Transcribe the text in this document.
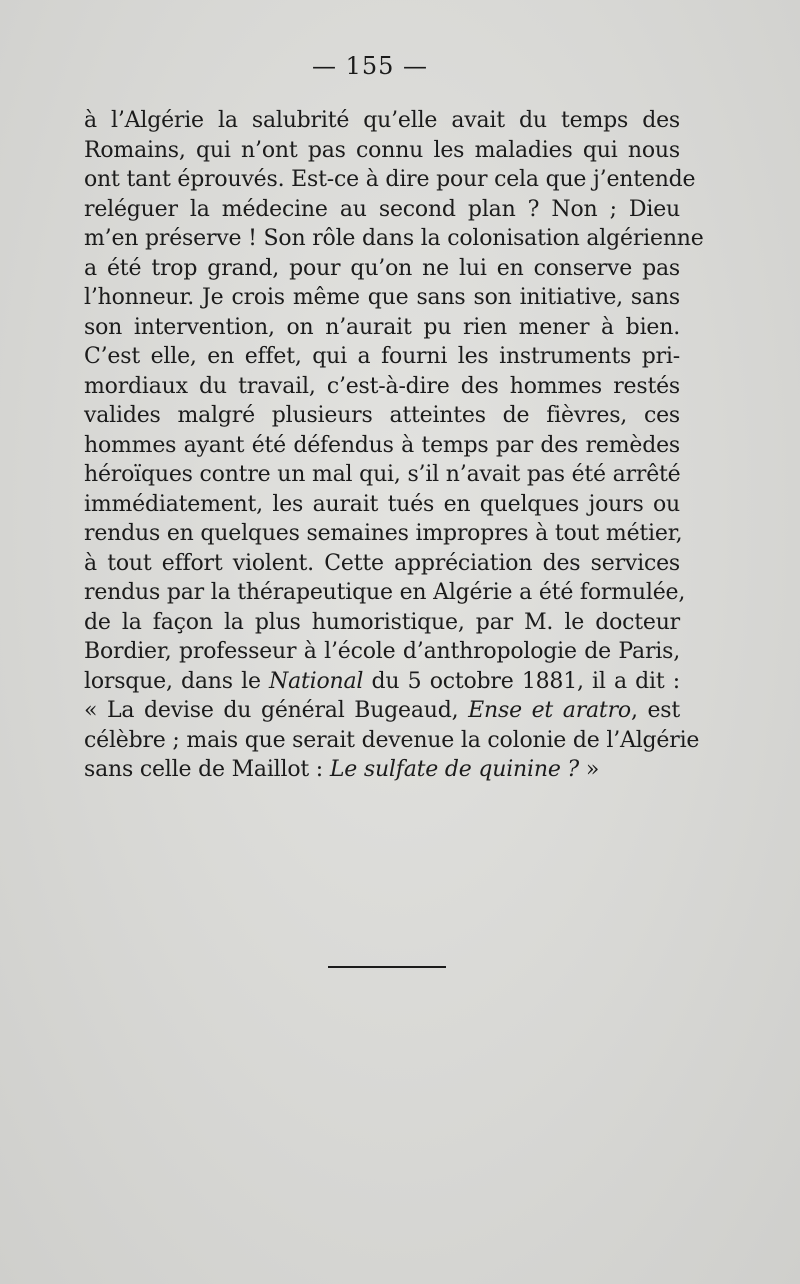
— 155 —
à l’Algérie la salubrité qu’elle avait du temps des
Romains, qui n’ont pas connu les maladies qui nous
ont tant éprouvés. Est-ce à dire pour cela que j’entende
reléguer la médecine au second plan ? Non ; Dieu
m’en préserve ! Son rôle dans la colonisation algérienne
a été trop grand, pour qu’on ne lui en conserve pas
l’honneur. Je crois même que sans son initiative, sans
son intervention, on n’aurait pu rien mener à bien.
C’est elle, en effet, qui a fourni les instruments pri-
mordiaux du travail, c’est-à-dire des hommes restés
valides malgré plusieurs atteintes de fièvres, ces
hommes ayant été défendus à temps par des remèdes
héroïques contre un mal qui, s’il n’avait pas été arrêté
immédiatement, les aurait tués en quelques jours ou
rendus en quelques semaines impropres à tout métier,
à tout effort violent. Cette appréciation des services
rendus par la thérapeutique en Algérie a été formulée,
de la façon la plus humoristique, par M. le docteur
Bordier, professeur à l’école d’anthropologie de Paris,
lorsque, dans le National du 5 octobre 1881, il a dit :
« La devise du général Bugeaud, Ense et aratro, est
célèbre ; mais que serait devenue la colonie de l’Algérie
sans celle de Maillot : Le sulfate de quinine ? »
